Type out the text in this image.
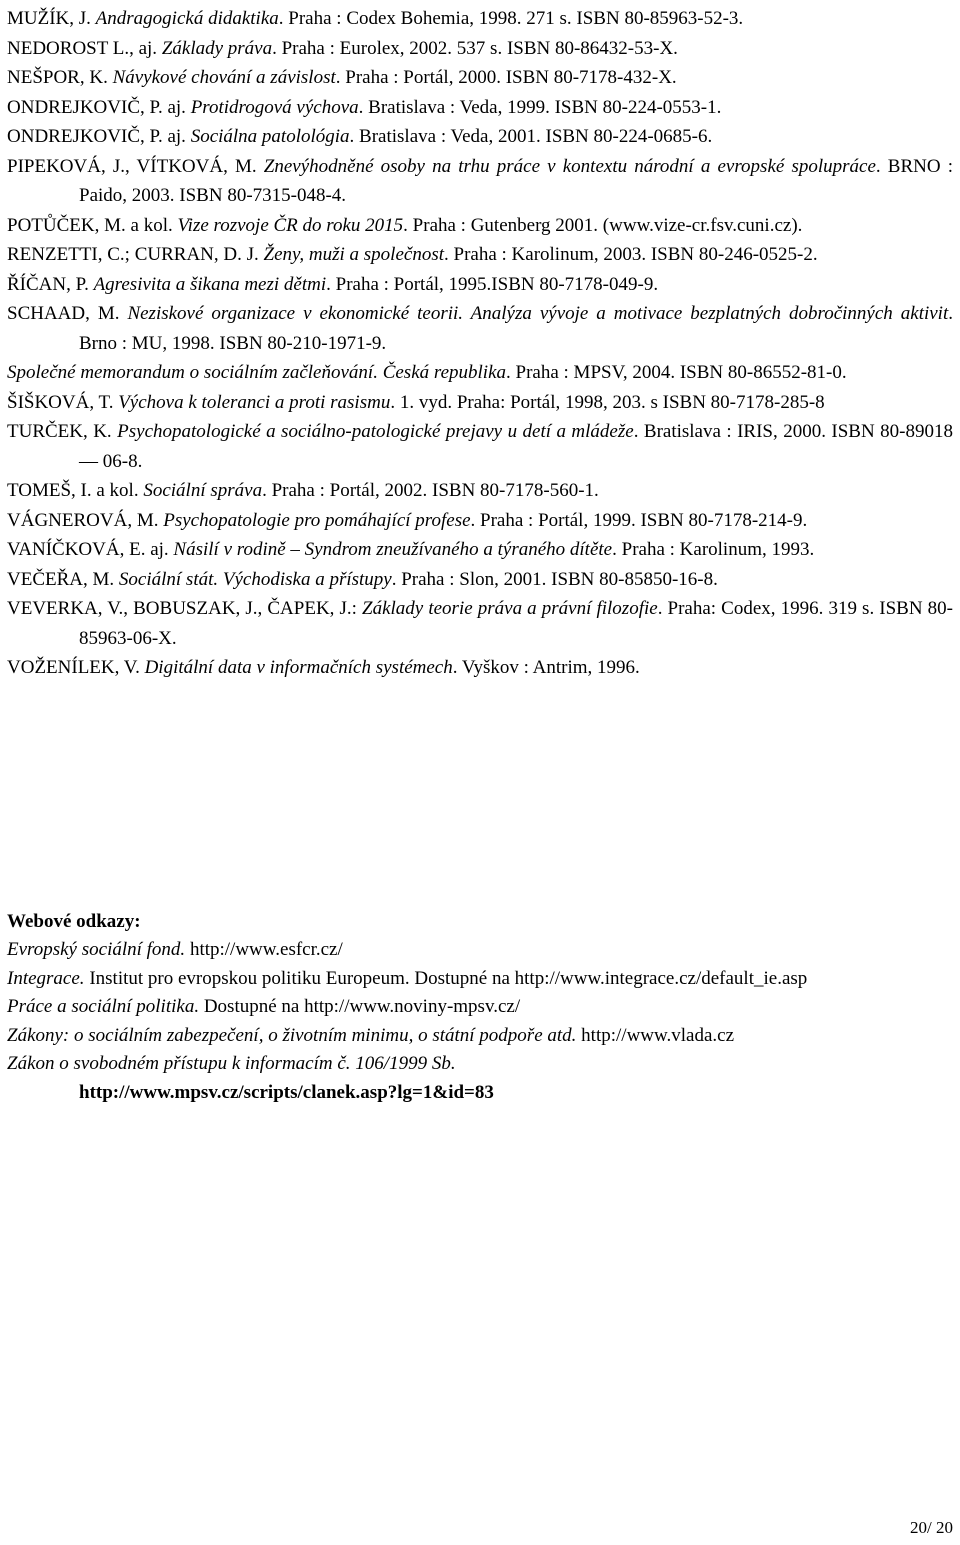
MUŽÍK, J. Andragogická didaktika. Praha : Codex Bohemia, 1998. 271 s. ISBN 80-85963-52-3.

NEDOROST L., aj. Základy práva. Praha : Eurolex, 2002. 537 s. ISBN 80-86432-53-X.

NEŠPOR, K. Návykové chování a závislost. Praha : Portál, 2000. ISBN 80-7178-432-X.

ONDREJKOVIČ, P. aj. Protidrogová výchova. Bratislava : Veda, 1999. ISBN 80-224-0553-1.

ONDREJKOVIČ, P. aj. Sociálna patolológia. Bratislava : Veda, 2001. ISBN 80-224-0685-6.

PIPEKOVÁ, J., VÍTKOVÁ, M. Znevýhodněné osoby na trhu práce v kontextu národní a evropské spolupráce. BRNO : Paido, 2003. ISBN 80-7315-048-4.

POTŮČEK, M. a kol. Vize rozvoje ČR do roku 2015. Praha : Gutenberg 2001. (www.vize-cr.fsv.cuni.cz).

RENZETTI, C.; CURRAN, D. J. Ženy, muži a společnost. Praha : Karolinum, 2003. ISBN 80-246-0525-2.

ŘÍČAN, P. Agresivita a šikana mezi dětmi. Praha : Portál, 1995.ISBN 80-7178-049-9.

SCHAAD, M. Neziskové organizace v ekonomické teorii. Analýza vývoje a motivace bezplatných dobročinných aktivit. Brno : MU, 1998. ISBN 80-210-1971-9.

Společné memorandum o sociálním začleňování. Česká republika. Praha : MPSV, 2004. ISBN 80-86552-81-0.

ŠIŠKOVÁ, T. Výchova k toleranci a proti rasismu. 1. vyd. Praha: Portál, 1998, 203. s ISBN 80-7178-285-8

TURČEK, K. Psychopatologické a sociálno-patologické prejavy u detí a mládeže. Bratislava : IRIS, 2000. ISBN 80-89018 — 06-8.

TOMEŠ, I. a kol. Sociální správa. Praha : Portál, 2002. ISBN 80-7178-560-1.

VÁGNEROVÁ, M. Psychopatologie pro pomáhající profese. Praha : Portál, 1999. ISBN 80-7178-214-9.

VANÍČKOVÁ, E. aj. Násilí v rodině – Syndrom zneužívaného a týraného dítěte. Praha : Karolinum, 1993.

VEČEŘA, M. Sociální stát. Východiska a přístupy. Praha : Slon, 2001. ISBN 80-85850-16-8.

VEVERKA, V., BOBUSZAK, J., ČAPEK, J.: Základy teorie práva a právní filozofie. Praha: Codex, 1996. 319 s. ISBN 80-85963-06-X.

VOŽENÍLEK, V. Digitální data v informačních systémech. Vyškov : Antrim, 1996.

Webové odkazy:

Evropský sociální fond. http://www.esfcr.cz/

Integrace. Institut pro evropskou politiku Europeum. Dostupné na http://www.integrace.cz/default_ie.asp

Práce a sociální politika. Dostupné na http://www.noviny-mpsv.cz/

Zákony: o sociálním zabezpečení, o životním minimu, o státní podpoře atd. http://www.vlada.cz

Zákon o svobodném přístupu k informacím č. 106/1999 Sb.

http://www.mpsv.cz/scripts/clanek.asp?lg=1&id=83

20/ 20
